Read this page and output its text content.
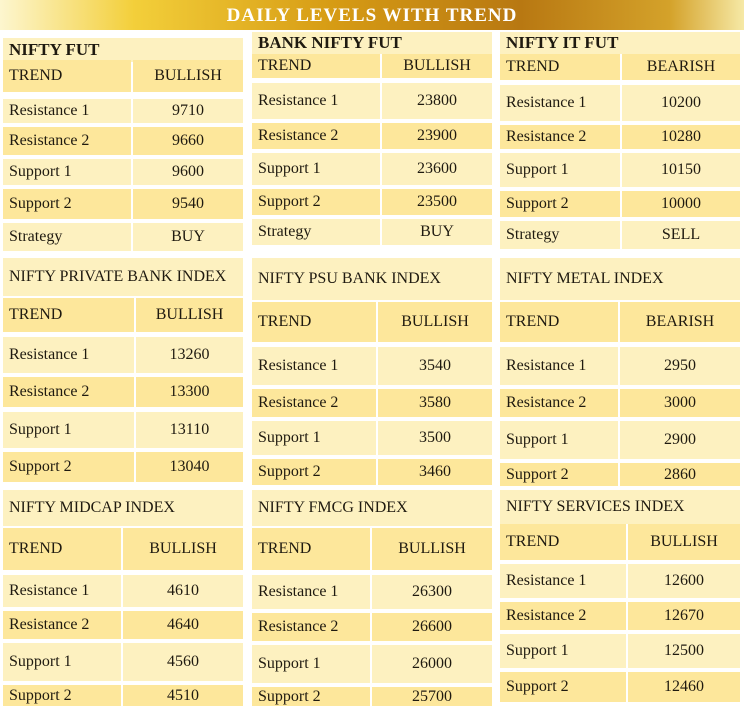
DAILY LEVELS WITH TREND
NIFTY FUT
TREND	BULLISH
Resistance 1	9710
Resistance 2	9660
Support 1	9600
Support 2	9540
Strategy	BUY
BANK NIFTY FUT
TREND	BULLISH
Resistance 1	23800
Resistance 2	23900
Support 1	23600
Support 2	23500
Strategy	BUY
NIFTY IT FUT
TREND	BEARISH
Resistance 1	10200
Resistance 2	10280
Support 1	10150
Support 2	10000
Strategy	SELL
NIFTY PRIVATE BANK INDEX
TREND	BULLISH
Resistance 1	13260
Resistance 2	13300
Support 1	13110
Support 2	13040
NIFTY PSU BANK INDEX
TREND	BULLISH
Resistance 1	3540
Resistance 2	3580
Support 1	3500
Support 2	3460
NIFTY METAL INDEX
TREND	BEARISH
Resistance 1	2950
Resistance 2	3000
Support 1	2900
Support 2	2860
NIFTY MIDCAP INDEX
TREND	BULLISH
Resistance 1	4610
Resistance 2	4640
Support 1	4560
Support 2	4510
NIFTY FMCG INDEX
TREND	BULLISH
Resistance 1	26300
Resistance 2	26600
Support 1	26000
Support 2	25700
NIFTY SERVICES INDEX
TREND	BULLISH
Resistance 1	12600
Resistance 2	12670
Support 1	12500
Support 2	12460
